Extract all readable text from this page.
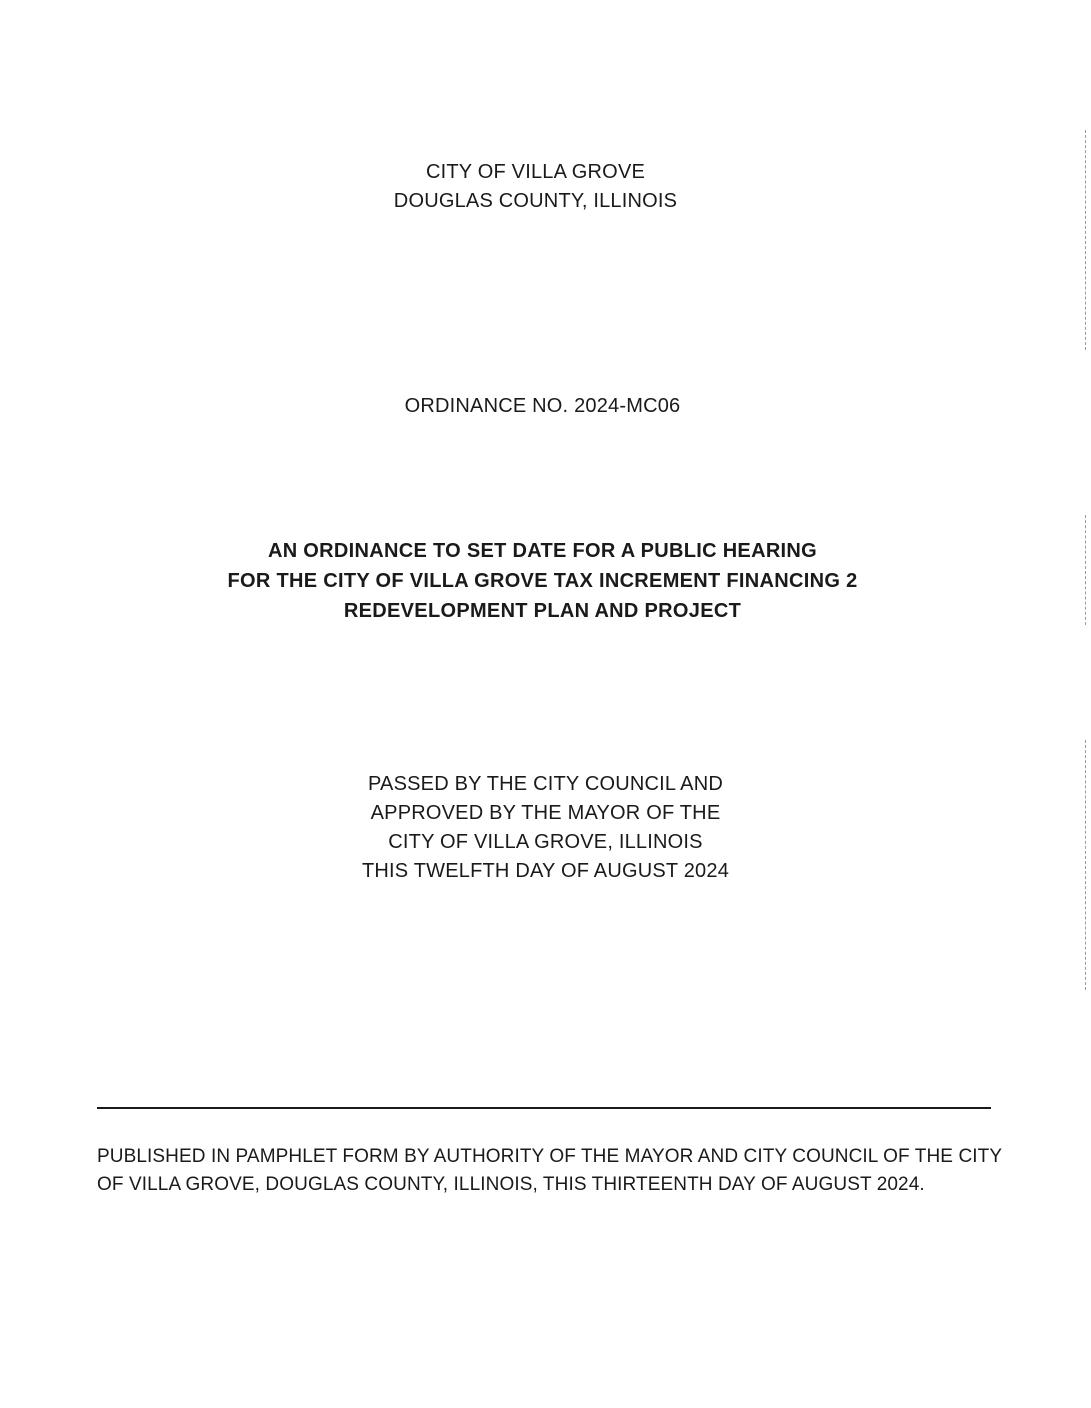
CITY OF VILLA GROVE
DOUGLAS COUNTY, ILLINOIS
ORDINANCE NO. 2024-MC06
AN ORDINANCE TO SET DATE FOR A PUBLIC HEARING
FOR THE CITY OF VILLA GROVE TAX INCREMENT FINANCING 2
REDEVELOPMENT PLAN AND PROJECT
PASSED BY THE CITY COUNCIL AND
APPROVED BY THE MAYOR OF THE
CITY OF VILLA GROVE, ILLINOIS
THIS TWELFTH DAY OF AUGUST 2024
PUBLISHED IN PAMPHLET FORM BY AUTHORITY OF THE MAYOR AND CITY COUNCIL OF THE CITY
OF VILLA GROVE, DOUGLAS COUNTY, ILLINOIS, THIS THIRTEENTH DAY OF AUGUST 2024.
